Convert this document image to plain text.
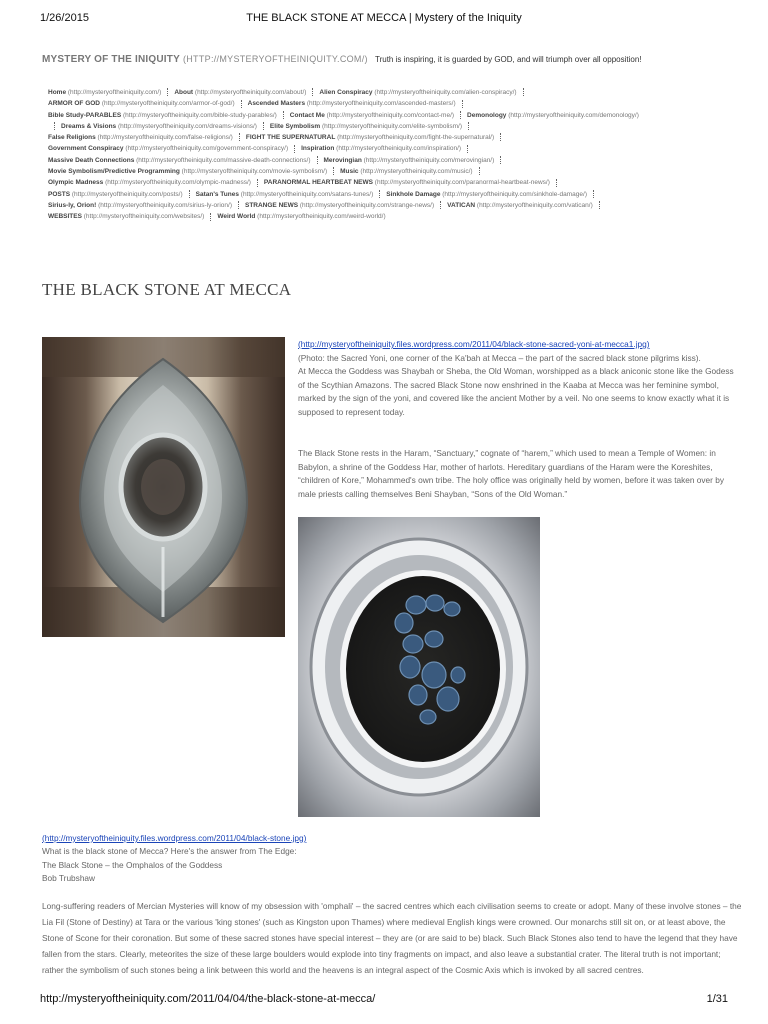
1/26/2015	THE BLACK STONE AT MECCA | Mystery of the Iniquity
MYSTERY OF THE INIQUITY (HTTP://MYSTERYOFTHEINIQUITY.COM/) Truth is inspiring, it is guarded by GOD, and will triumph over all opposition!
Home (http://mysteryoftheiniquity.com/) About (http://mysteryoftheiniquity.com/about/) Alien Conspiracy (http://mysteryoftheiniquity.com/alien-conspiracy/)ARMOR OF GOD (http://mysteryoftheiniquity.com/armor-of-god/) Ascended Masters (http://mysteryoftheiniquity.com/ascended-masters/)Bible Study-PARABLES (http://mysteryoftheiniquity.com/bible-study-parables/) Contact Me (http://mysteryoftheiniquity.com/contact-me/) Demonology (http://mysteryoftheiniquity.com/demonology/)Dreams & Visions (http://mysteryoftheiniquity.com/dreams-visions/) Elite Symbolism (http://mysteryoftheiniquity.com/elite-symbolism/)False Religions (http://mysteryoftheiniquity.com/false-religions/) FIGHT THE SUPERNATURAL (http://mysteryoftheiniquity.com/fight-the-supernatural/)Government Conspiracy (http://mysteryoftheiniquity.com/government-conspiracy/) Inspiration (http://mysteryoftheiniquity.com/inspiration/)Massive Death Connections (http://mysteryoftheiniquity.com/massive-death-connections/) Merovingian (http://mysteryoftheiniquity.com/merovingian/)Movie Symbolism/Predictive Programming (http://mysteryoftheiniquity.com/movie-symbolism/) Music (http://mysteryoftheiniquity.com/music/)Olympic Madness (http://mysteryoftheiniquity.com/olympic-madness/) PARANORMAL HEARTBEAT NEWS (http://mysteryoftheiniquity.com/paranormal-heartbeat-news/)POSTS (http://mysteryoftheiniquity.com/posts/) Satan's Tunes (http://mysteryoftheiniquity.com/satans-tunes/) Sinkhole Damage (http://mysteryoftheiniquity.com/sinkhole-damage/)Sirius-ly, Orion! (http://mysteryoftheiniquity.com/sirius-ly-orion/) STRANGE NEWS (http://mysteryoftheiniquity.com/strange-news/) VATICAN (http://mysteryoftheiniquity.com/vatican/)WEBSITES (http://mysteryoftheiniquity.com/websites/) Weird World (http://mysteryoftheiniquity.com/weird-world/)
THE BLACK STONE AT MECCA

(http://mysteryoftheiniquity.files.wordpress.com/2011/04/black-stone-sacred-yoni-at-mecca1.jpg)

(Photo: the Sacred Yoni, one corner of the Ka'bah at Mecca – the part of the sacred black stone pilgrims kiss).

At Mecca the Goddess was Shaybah or Sheba, the Old Woman, worshipped as a black aniconic stone like the Godess of the Scythian Amazons. The sacred Black Stone now enshrined in the Kaaba at Mecca was her feminine symbol, marked by the sign of the yoni, and covered like the ancient Mother by a veil. No one seems to know exactly what it is supposed to represent today.

The Black Stone rests in the Haram, “Sanctuary,” cognate of “harem,” which used to mean a Temple of Women: in Babylon, a shrine of the Goddess Har, mother of harlots. Hereditary guardians of the Haram were the Koreshites, “children of Kore,” Mohammed's own tribe. The holy office was originally held by women, before it was taken over by male priests calling themselves Beni Shayban, “Sons of the Old Woman.”

(http://mysteryoftheiniquity.files.wordpress.com/2011/04/black-stone.jpg)

What is the black stone of Mecca? Here's the answer from The Edge:

The Black Stone – the Omphalos of the Goddess

Bob Trubshaw

Long-suffering readers of Mercian Mysteries will know of my obsession with 'omphali' – the sacred centres which each civilisation seems to create or adopt. Many of these involve stones – the Lia Fil (Stone of Destiny) at Tara or the various 'king stones' (such as Kingston upon Thames) where medieval English kings were crowned. Our monarchs still sit on, or at least above, the Stone of Scone for their coronation. But some of these sacred stones have special interest – they are (or are said to be) black. Such Black Stones also tend to have the legend that they have fallen from the stars. Clearly, meteorites the size of these large boulders would explode into tiny fragments on impact, and also leave a substantial crater. The literal truth is not important; rather the symbolism of such stones being a link between this world and the heavens is an integral aspect of the Cosmic Axis which is invoked by all sacred centres.

http://mysteryoftheiniquity.com/2011/04/04/the-black-stone-at-mecca/	1/31
